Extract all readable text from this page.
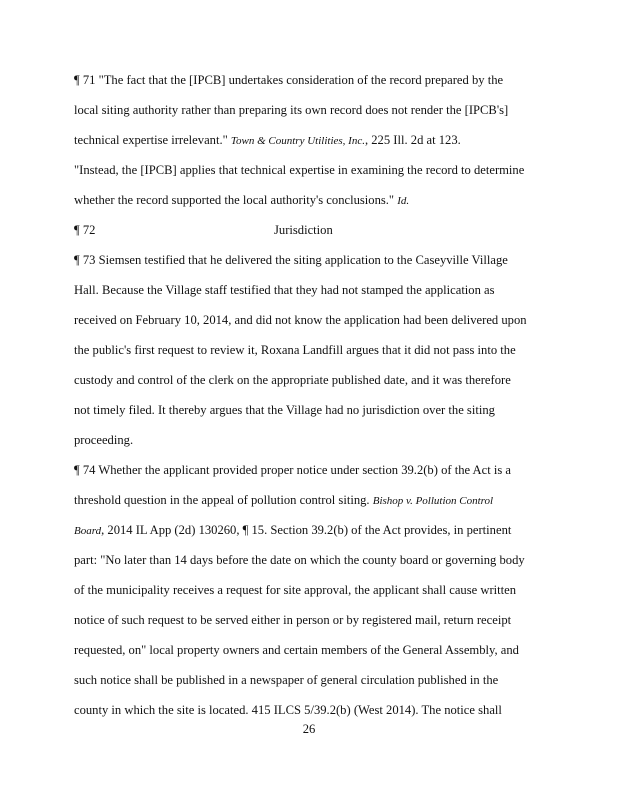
¶ 71 "The fact that the [IPCB] undertakes consideration of the record prepared by the
local siting authority rather than preparing its own record does not render the [IPCB's]
technical expertise irrelevant." Town & Country Utilities, Inc., 225 Ill. 2d at 123.
"Instead, the [IPCB] applies that technical expertise in examining the record to determine
whether the record supported the local authority's conclusions." Id.
¶ 72	Jurisdiction
¶ 73 Siemsen testified that he delivered the siting application to the Caseyville Village
Hall. Because the Village staff testified that they had not stamped the application as
received on February 10, 2014, and did not know the application had been delivered upon
the public's first request to review it, Roxana Landfill argues that it did not pass into the
custody and control of the clerk on the appropriate published date, and it was therefore
not timely filed. It thereby argues that the Village had no jurisdiction over the siting
proceeding.
¶ 74 Whether the applicant provided proper notice under section 39.2(b) of the Act is a
threshold question in the appeal of pollution control siting. Bishop v. Pollution Control
Board, 2014 IL App (2d) 130260, ¶ 15. Section 39.2(b) of the Act provides, in pertinent
part: "No later than 14 days before the date on which the county board or governing body
of the municipality receives a request for site approval, the applicant shall cause written
notice of such request to be served either in person or by registered mail, return receipt
requested, on" local property owners and certain members of the General Assembly, and
such notice shall be published in a newspaper of general circulation published in the
county in which the site is located. 415 ILCS 5/39.2(b) (West 2014). The notice shall
26
